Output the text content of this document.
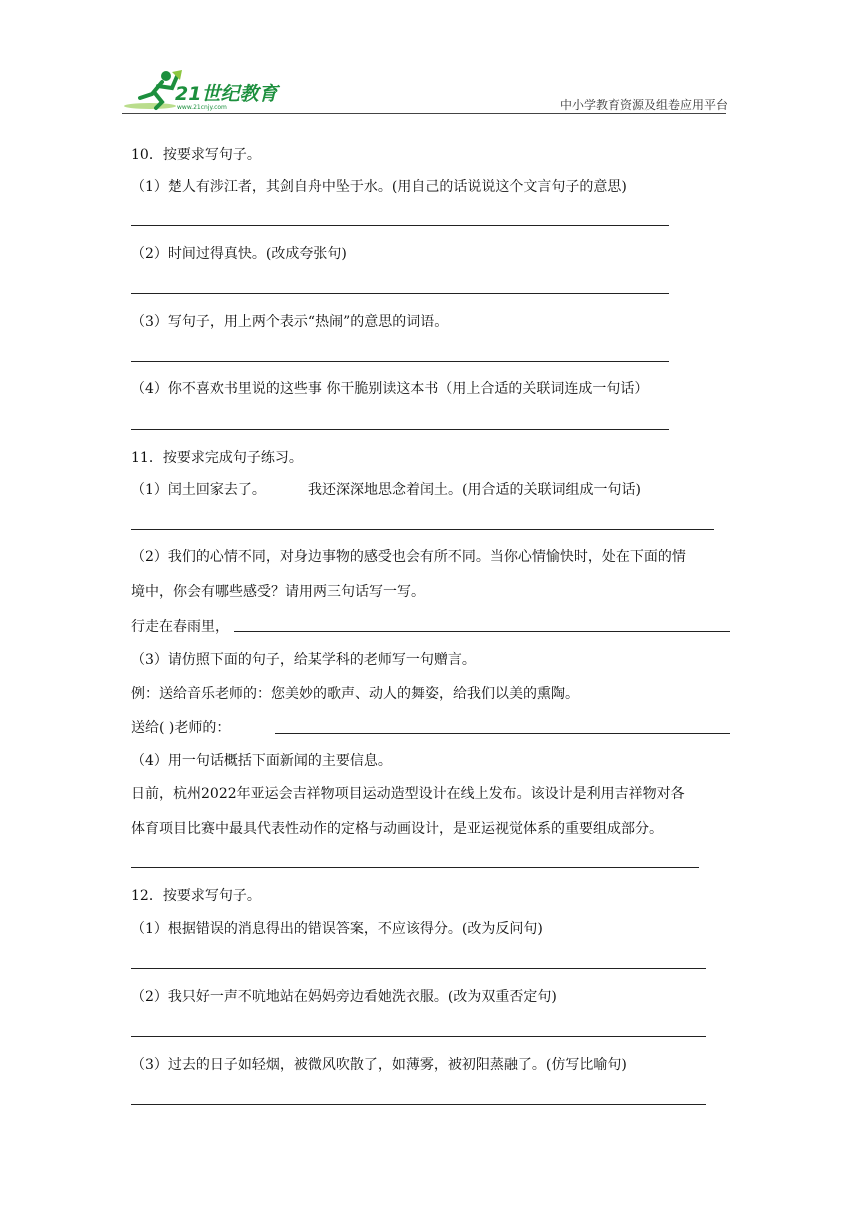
21世纪教育
www.21cnjy.com	中小学教育资源及组卷应用平台
10．按要求写句子。
（1）楚人有涉江者，其剑自舟中坠于水。(用自己的话说说这个文言句子的意思)
（2）时间过得真快。(改成夸张句)
（3）写句子，用上两个表示“热闹”的意思的词语。
（4）你不喜欢书里说的这些事 你干脆别读这本书（用上合适的关联词连成一句话）
11．按要求完成句子练习。
（1）闰土回家去了。	我还深深地思念着闰土。(用合适的关联词组成一句话)
（2）我们的心情不同，对身边事物的感受也会有所不同。当你心情愉快时，处在下面的情
境中，你会有哪些感受？请用两三句话写一写。
行走在春雨里，
（3）请仿照下面的句子，给某学科的老师写一句赠言。
例：送给音乐老师的：您美妙的歌声、动人的舞姿，给我们以美的熏陶。
送给( )老师的：
（4）用一句话概括下面新闻的主要信息。
日前，杭州2022年亚运会吉祥物项目运动造型设计在线上发布。该设计是利用吉祥物对各
体育项目比赛中最具代表性动作的定格与动画设计，是亚运视觉体系的重要组成部分。
12．按要求写句子。
（1）根据错误的消息得出的错误答案，不应该得分。(改为反问句)
（2）我只好一声不吭地站在妈妈旁边看她洗衣服。(改为双重否定句)
（3）过去的日子如轻烟，被微风吹散了，如薄雾，被初阳蒸融了。(仿写比喻句)
